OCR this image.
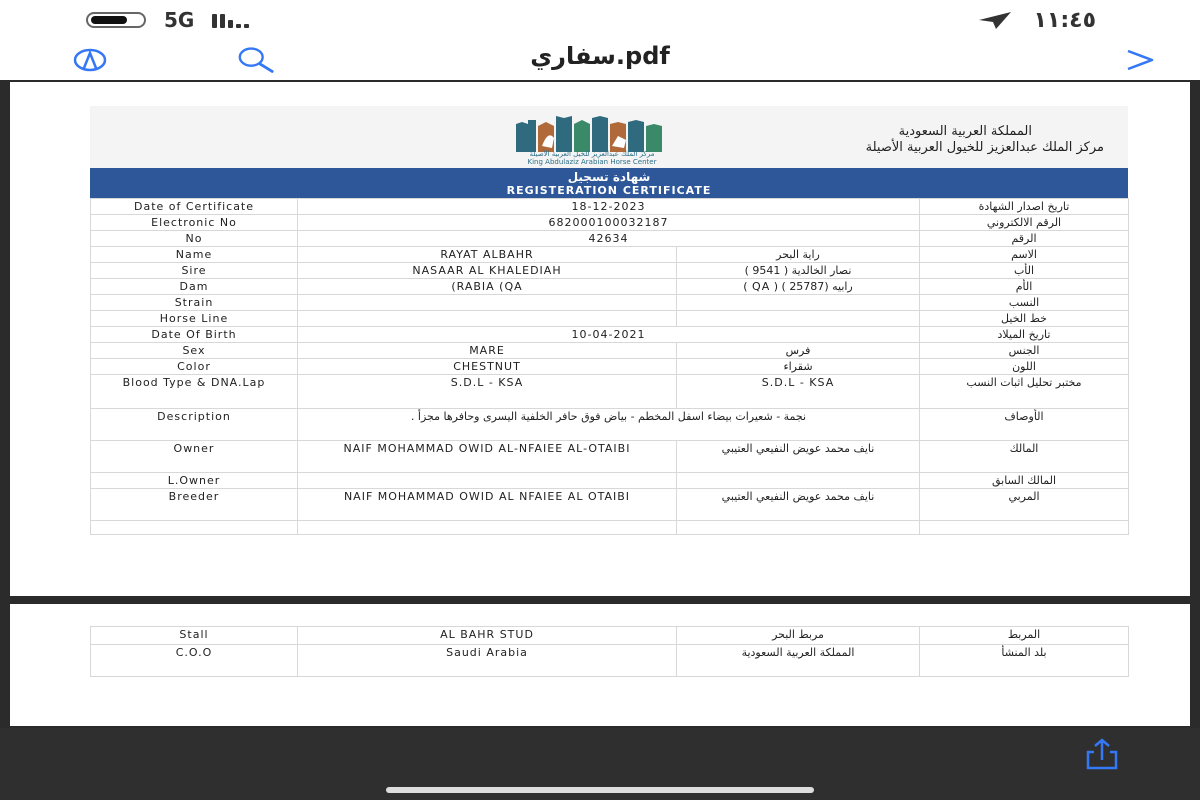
5G	١١:٤٥
سفاري.pdf
مركز الملك عبدالعزيز للخيل العربية الأصيلة
King Abdulaziz Arabian Horse Center
المملكة العربية السعودية
مركز الملك عبدالعزيز للخيول العربية الأصيلة
شهادة تسجيل
REGISTERATION CERTIFICATE
Date of Certificate	18-12-2023		تاريخ اصدار الشهادة
Electronic No	682000100032187		الرقم الالكتروني
No	42634		الرقم
Name	RAYAT ALBAHR	راية البحر	الاسم
Sire	NASAAR AL KHALEDIAH	نصار الخالدية ( 9541 )	الأب
Dam	(RABIA (QA	رابيه (25787 ) ( QA )	الأم
Strain			النسب
Horse Line			خط الخيل
Date Of Birth	10-04-2021		تاريخ الميلاد
Sex	MARE	فرس	الجنس
Color	CHESTNUT	شقراء	اللون
Blood Type & DNA.Lap	S.D.L - KSA	S.D.L - KSA	مختبر تحليل اثبات النسب
Description	نجمة - شعيرات بيضاء اسفل المخطم - بياض فوق حافر الخلفية اليسرى وحافرها مجزأ .		الأوصاف
Owner	NAIF MOHAMMAD OWID AL-NFAIEE AL-OTAIBI	نايف محمد عويض النفيعي العتيبي	المالك
L.Owner			المالك السابق
Breeder	NAIF MOHAMMAD OWID AL NFAIEE AL OTAIBI	نايف محمد عويض النفيعي العتيبي	المربي

Stall	AL BAHR STUD	مربط البحر	المربط
C.O.O	Saudi Arabia	المملكة العربية السعودية	بلد المنشأ
